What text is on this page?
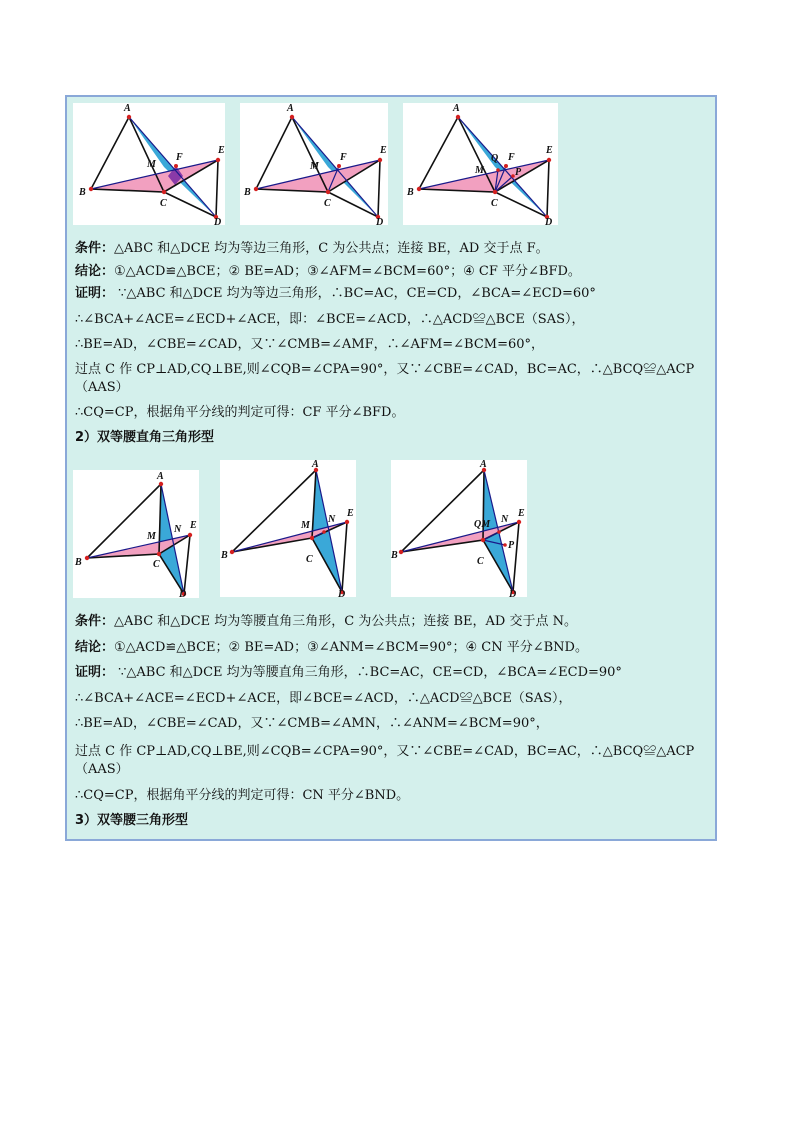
A
B
C
D
E
F
M
A
B
C
D
E
F
M
A
B
C
D
E
F
M
Q
P
条件：△ABC 和△DCE 均为等边三角形，C 为公共点；连接 BE，AD 交于点 F。
结论：①△ACD≌△BCE；② BE=AD；③∠AFM=∠BCM=60°；④ CF 平分∠BFD。
证明： ∵△ABC 和△DCE 均为等边三角形，∴BC=AC，CE=CD，∠BCA=∠ECD=60°
∴∠BCA+∠ACE=∠ECD+∠ACE，即：∠BCE=∠ACD，∴△ACD≌△BCE（SAS），
∴BE=AD，∠CBE=∠CAD，又∵∠CMB=∠AMF，∴∠AFM=∠BCM=60°，
过点 C 作 CP⊥AD,CQ⊥BE,则∠CQB=∠CPA=90°，又∵∠CBE=∠CAD，BC=AC，∴△BCQ≌△ACP
（AAS）
∴CQ=CP，根据角平分线的判定可得：CF 平分∠BFD。
2）双等腰直角三角形型
A
B	C
D
E
M
N
A
B	C
D
E
M
N
A
B
C
D
E
N
P
QM
条件：△ABC 和△DCE 均为等腰直角三角形，C 为公共点；连接 BE，AD 交于点 N。
结论：①△ACD≌△BCE；② BE=AD；③∠ANM=∠BCM=90°；④ CN 平分∠BND。
证明： ∵△ABC 和△DCE 均为等腰直角三角形，∴BC=AC，CE=CD，∠BCA=∠ECD=90°
∴∠BCA+∠ACE=∠ECD+∠ACE，即∠BCE=∠ACD，∴△ACD≌△BCE（SAS），
∴BE=AD，∠CBE=∠CAD，又∵∠CMB=∠AMN，∴∠ANM=∠BCM=90°，
过点 C 作 CP⊥AD,CQ⊥BE,则∠CQB=∠CPA=90°，又∵∠CBE=∠CAD，BC=AC，∴△BCQ≌△ACP
（AAS）
∴CQ=CP，根据角平分线的判定可得：CN 平分∠BND。
3）双等腰三角形型
